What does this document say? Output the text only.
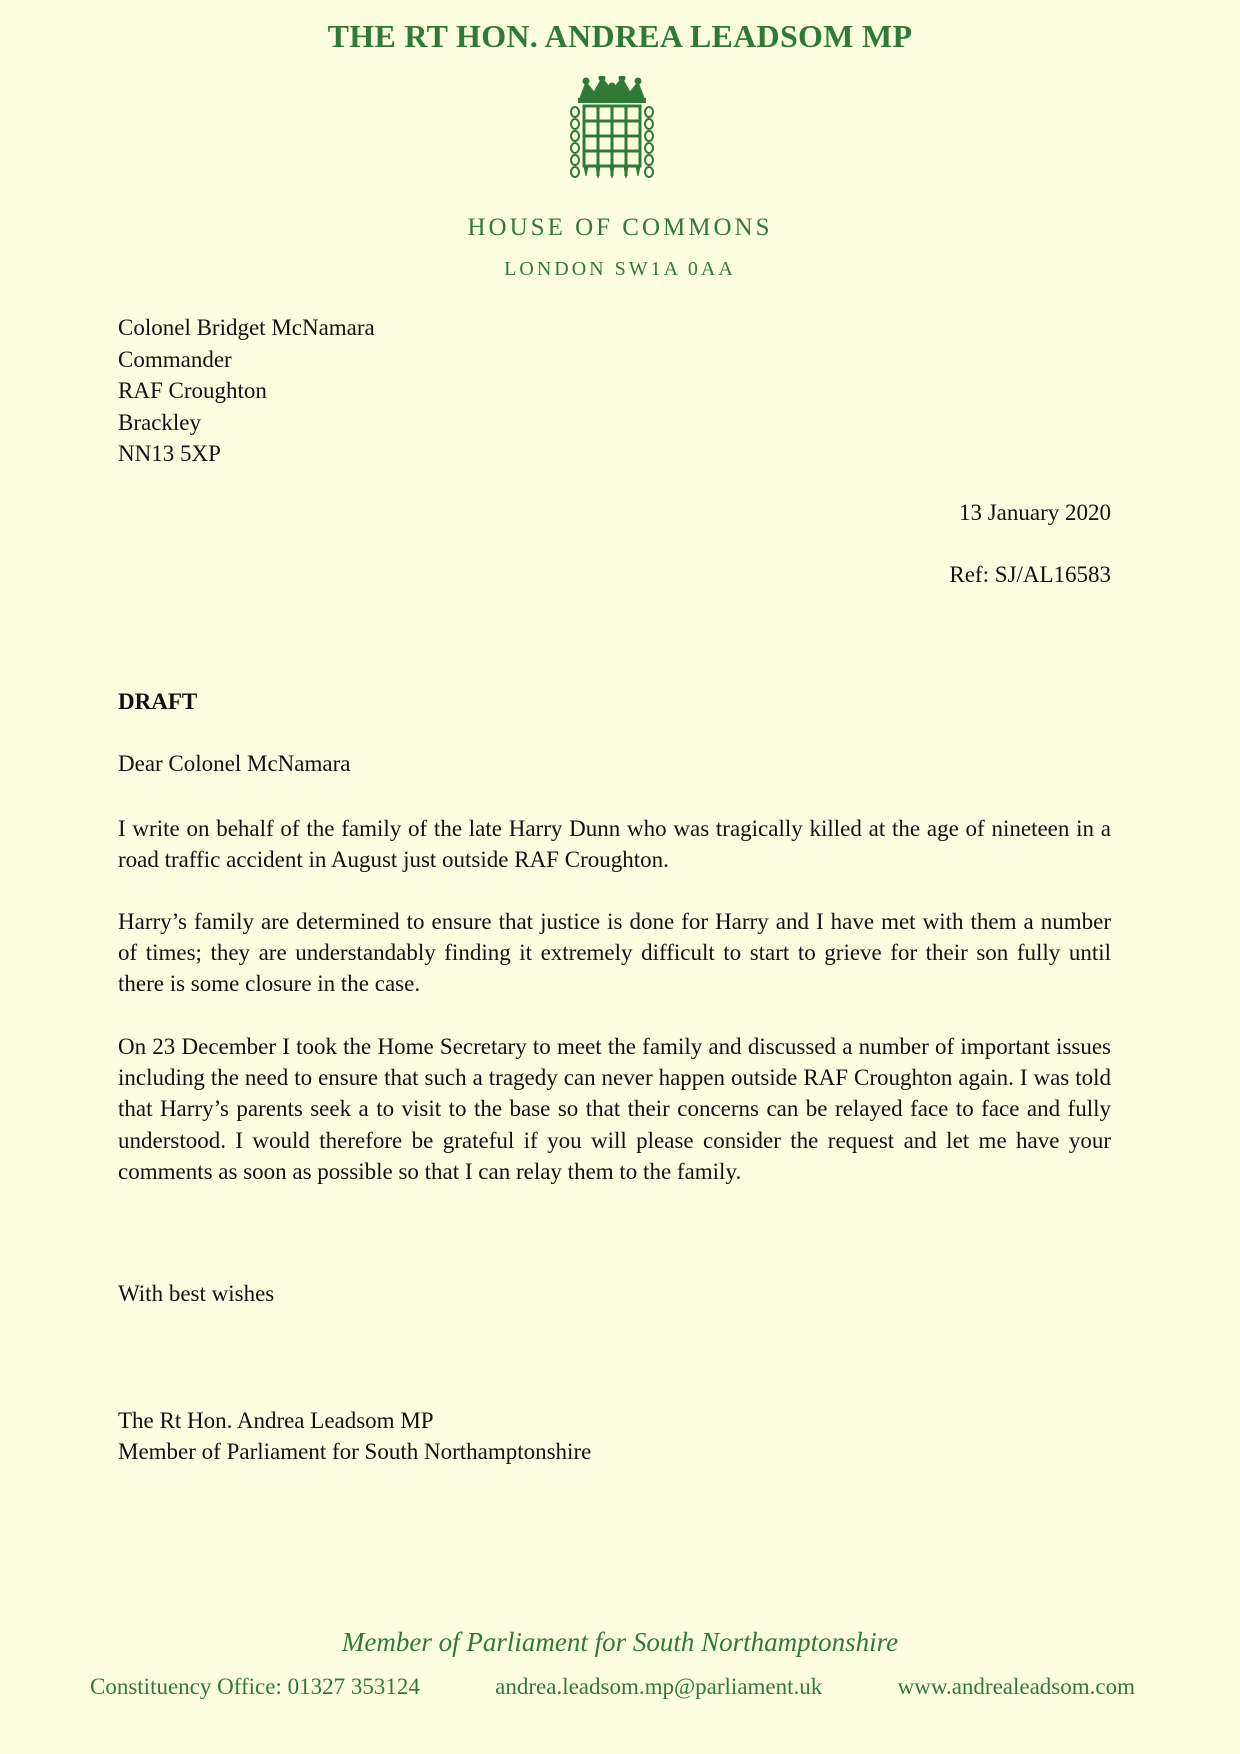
THE RT HON. ANDREA LEADSOM MP
HOUSE OF COMMONS
LONDON SW1A 0AA
Colonel Bridget McNamara
Commander
RAF Croughton
Brackley
NN13 5XP
13 January 2020
Ref: SJ/AL16583
DRAFT
Dear Colonel McNamara

I write on behalf of the family of the late Harry Dunn who was tragically killed at the age of nineteen in a road traffic accident in August just outside RAF Croughton.

Harry’s family are determined to ensure that justice is done for Harry and I have met with them a number of times; they are understandably finding it extremely difficult to start to grieve for their son fully until there is some closure in the case.

On 23 December I took the Home Secretary to meet the family and discussed a number of important issues including the need to ensure that such a tragedy can never happen outside RAF Croughton again. I was told that Harry’s parents seek a to visit to the base so that their concerns can be relayed face to face and fully understood. I would therefore be grateful if you will please consider the request and let me have your comments as soon as possible so that I can relay them to the family.

With best wishes
The Rt Hon. Andrea Leadsom MP
Member of Parliament for South Northamptonshire
Member of Parliament for South Northamptonshire
Constituency Office: 01327 353124	andrea.leadsom.mp@parliament.uk	www.andrealeadsom.com
